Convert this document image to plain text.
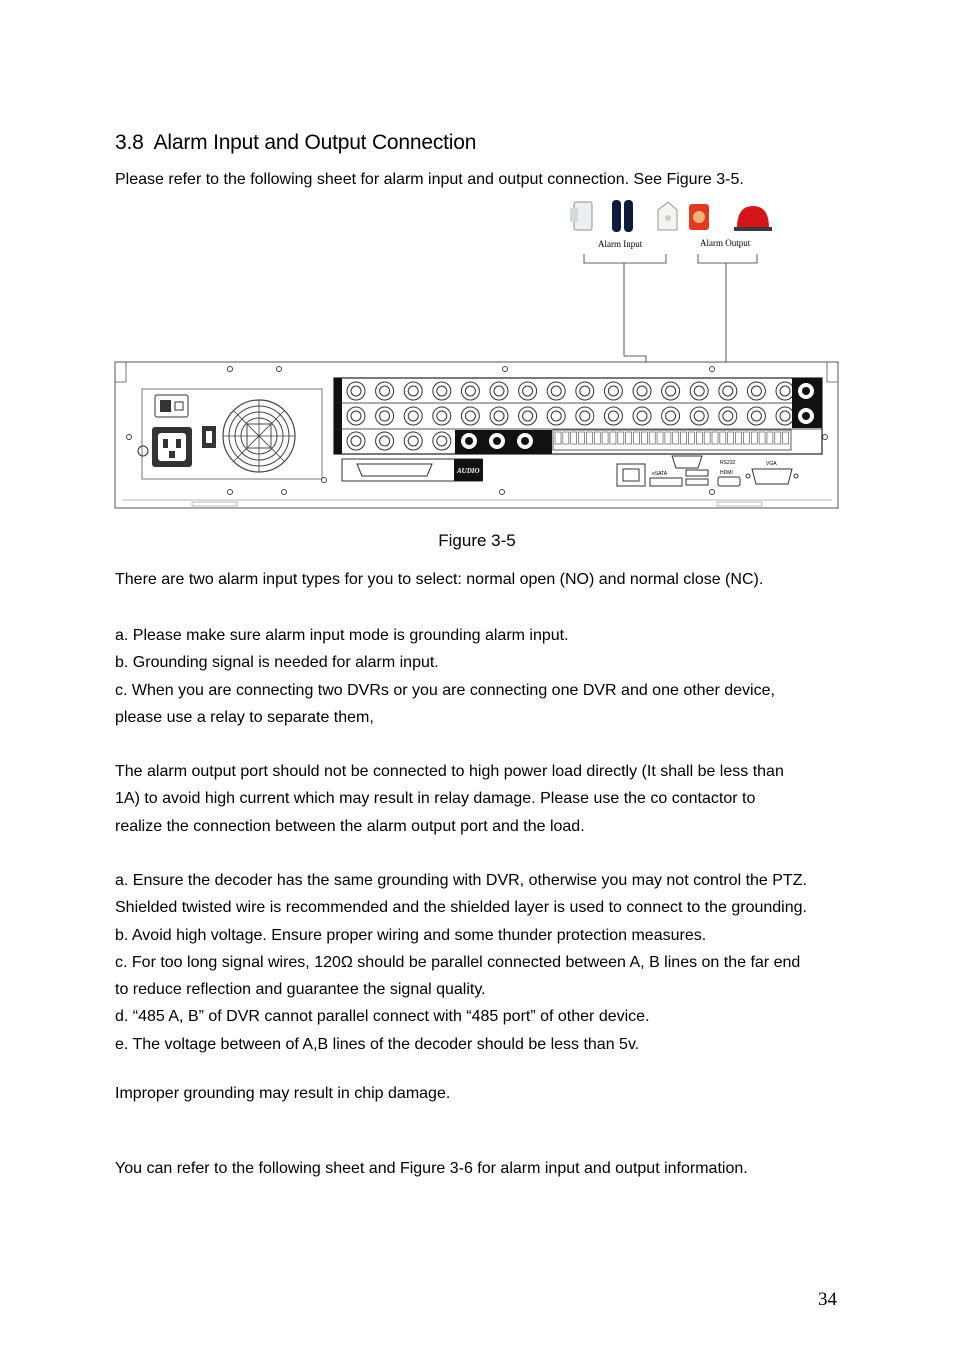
3.8 Alarm Input and Output Connection

Please refer to the following sheet for alarm input and output connection. See Figure 3-5.

Alarm Input	Alarm Output
AUDIO	eSATA
RS232
HDMI
VGA
Figure 3-5

There are two alarm input types for you to select: normal open (NO) and normal close (NC).

a. Please make sure alarm input mode is grounding alarm input.
b. Grounding signal is needed for alarm input.
c. When you are connecting two DVRs or you are connecting one DVR and one other device,
please use a relay to separate them,
The alarm output port should not be connected to high power load directly (It shall be less than
1A) to avoid high current which may result in relay damage. Please use the co contactor to
realize the connection between the alarm output port and the load.
a. Ensure the decoder has the same grounding with DVR, otherwise you may not control the PTZ.
Shielded twisted wire is recommended and the shielded layer is used to connect to the grounding.
b. Avoid high voltage. Ensure proper wiring and some thunder protection measures.
c. For too long signal wires, 120Ω should be parallel connected between A, B lines on the far end
to reduce reflection and guarantee the signal quality.
d. “485 A, B” of DVR cannot parallel connect with “485 port” of other device.
e. The voltage between of A,B lines of the decoder should be less than 5v.

Improper grounding may result in chip damage.

You can refer to the following sheet and Figure 3-6 for alarm input and output information.

34
